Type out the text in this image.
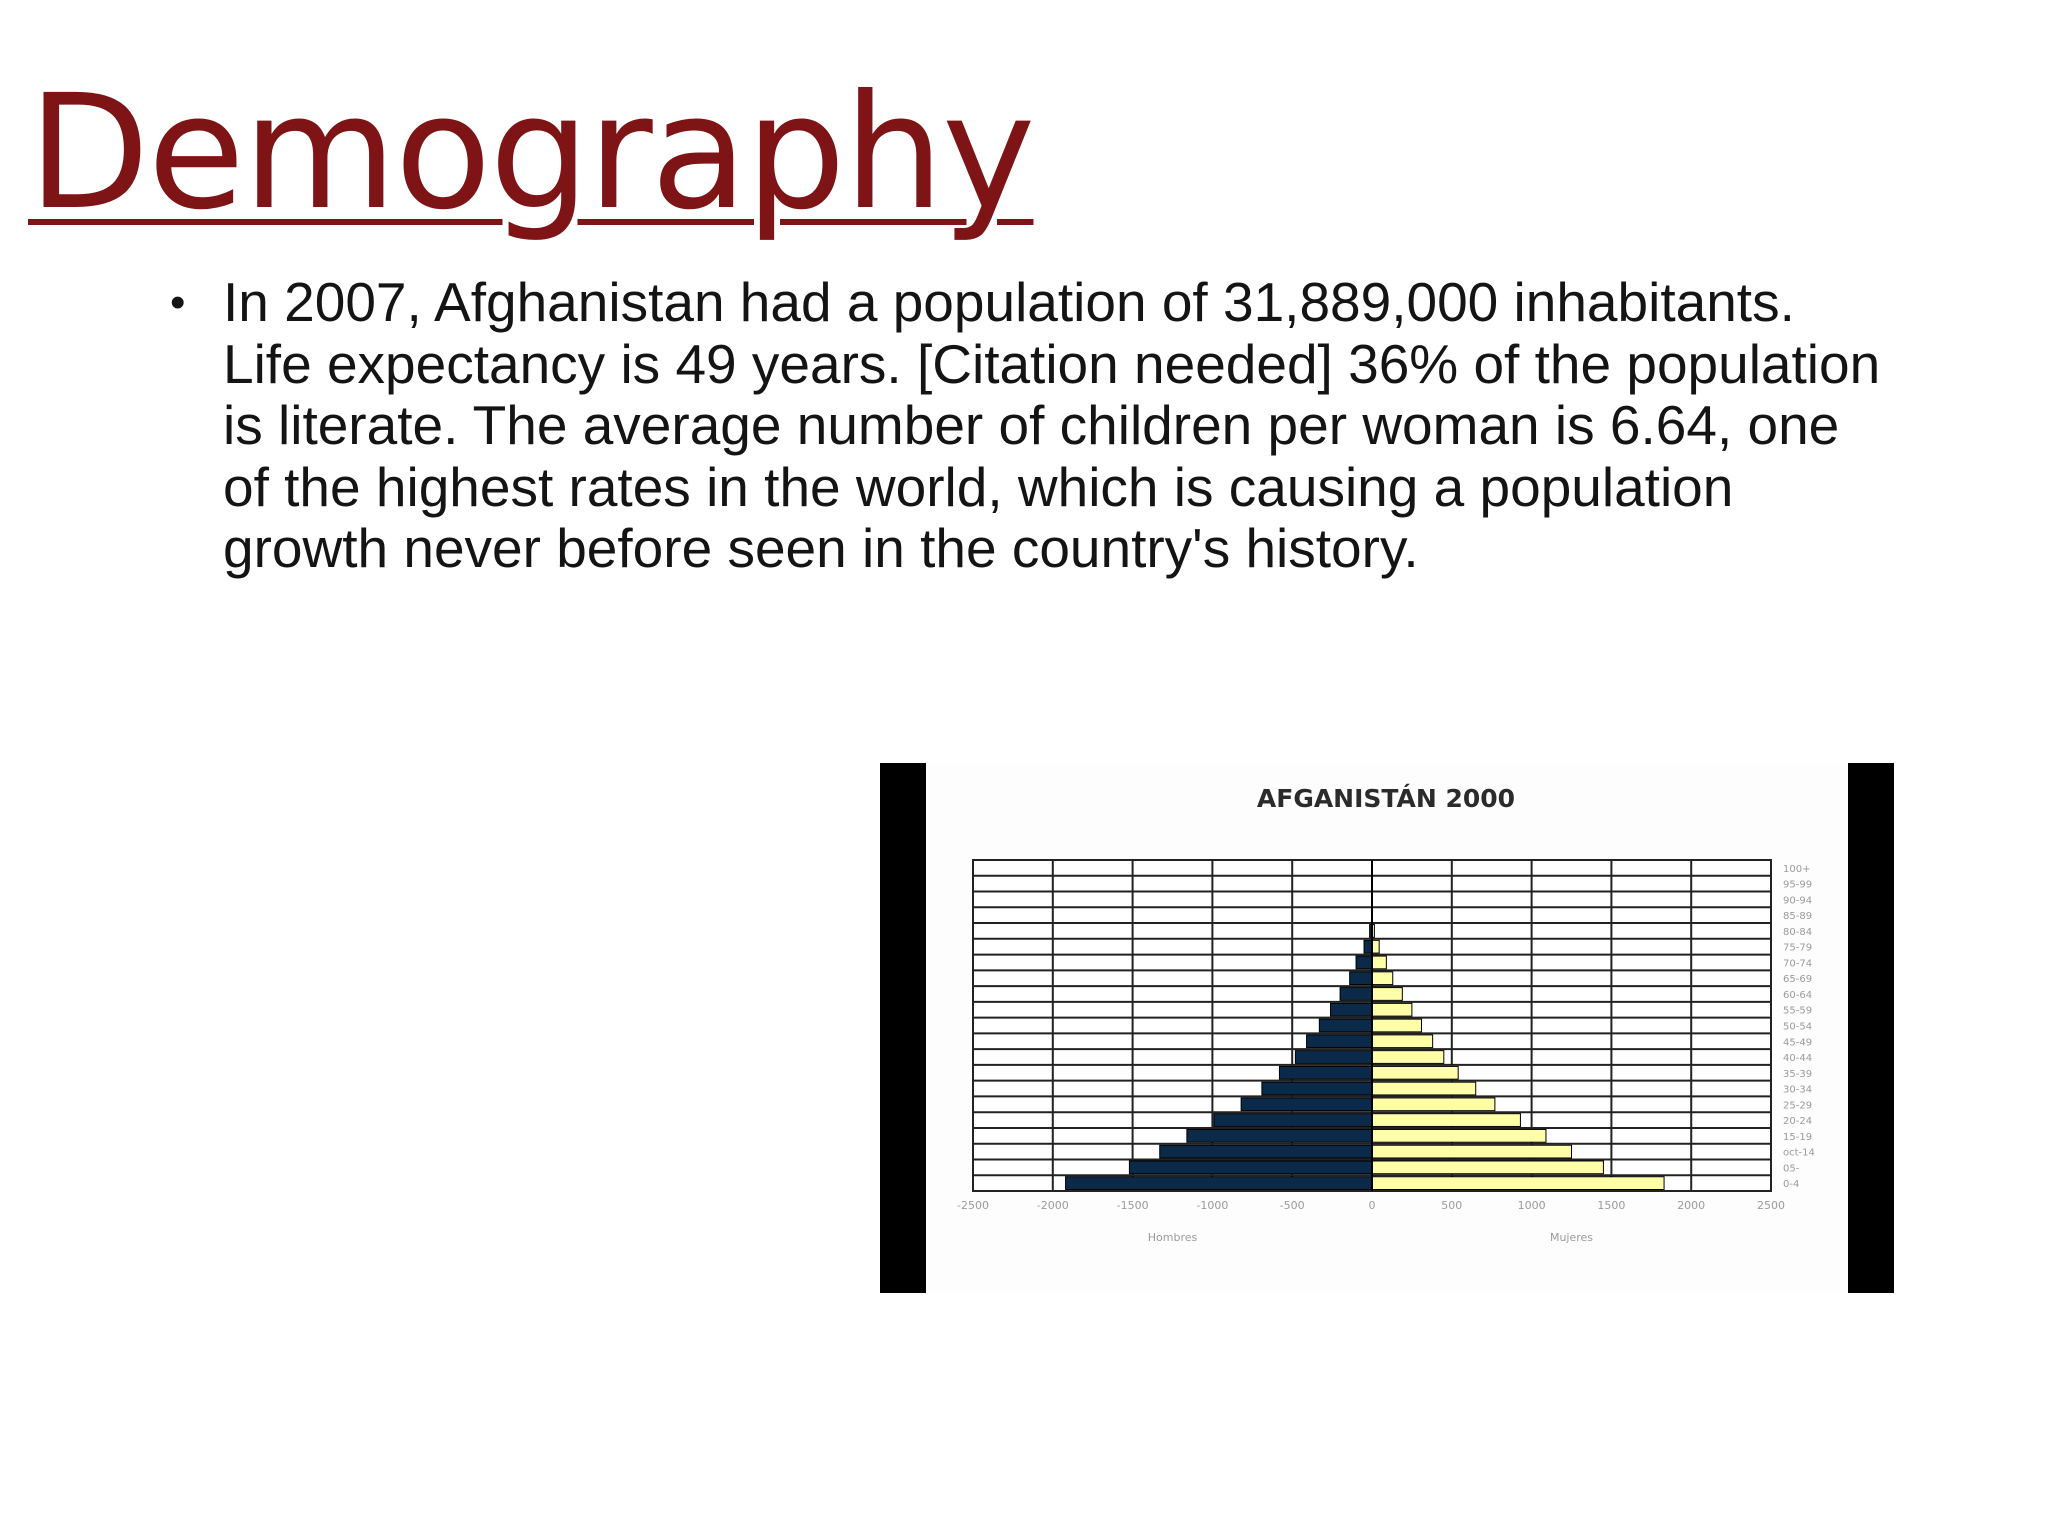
Demography
• In 2007, Afghanistan had a population of 31,889,000 inhabitants. Life expectancy is 49 years. [Citation needed] 36% of the population is literate. The average number of children per woman is 6.64, one of the highest rates in the world, which is causing a population growth never before seen in the country's history.
AFGANISTÁN 2000
-2500	-2000	-1500	-1000	-500	0	500	1000	1500	2000	2500
0-4
05-
oct-14
15-19
20-24
25-29
30-34
35-39
40-44
45-49
50-54
55-59
60-64
65-69
70-74
75-79
80-84
85-89
90-94
95-99
100+
Hombres	Mujeres
